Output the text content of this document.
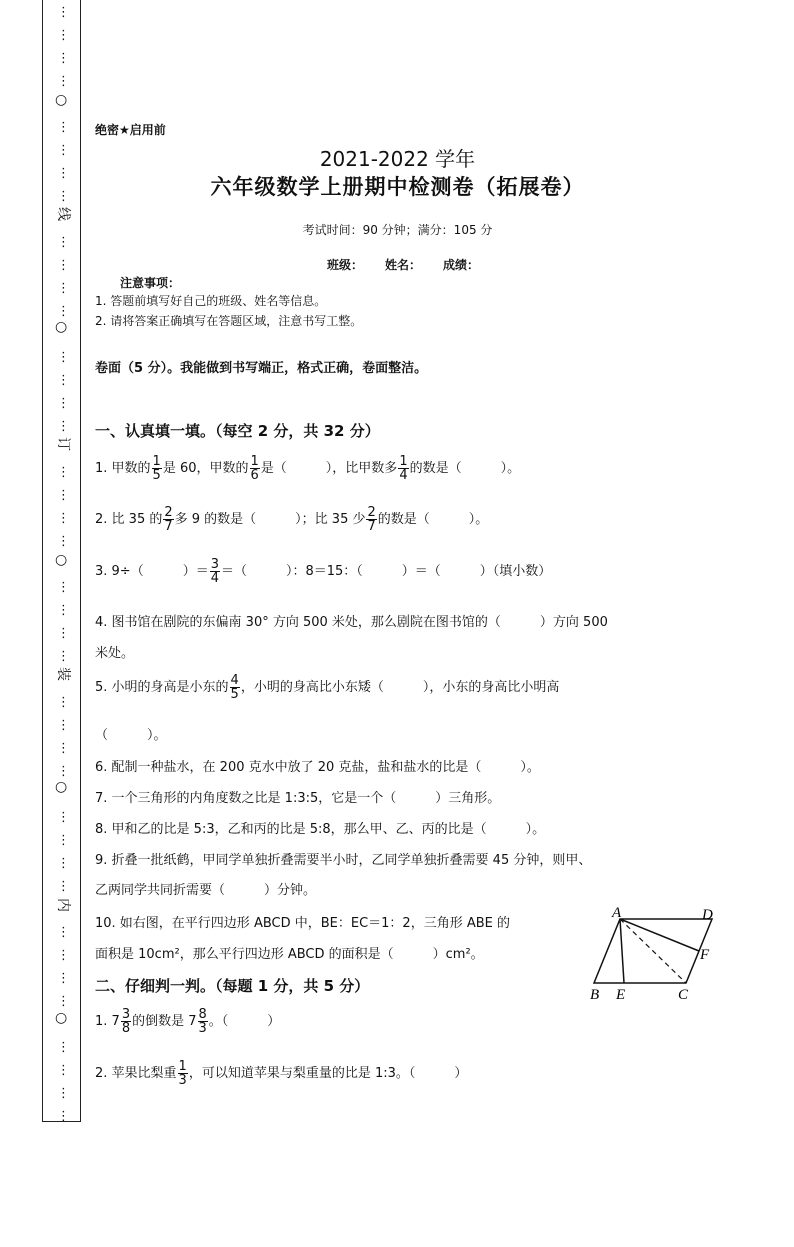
⋮
⋮
⋮
⋮
⋮
⋮
⋮
⋮
⋮
⋮
⋮
⋮
⋮
⋮
⋮
⋮
⋮
⋮
⋮
⋮
⋮
⋮
⋮
⋮
⋮
⋮
⋮
⋮
⋮
⋮
⋮
⋮
⋮
⋮
⋮
⋮
⋮
⋮
⋮
⋮
○
○
○
○
○
线
订
装
内
绝密★启用前
2021-2022 学年
六年级数学上册期中检测卷（拓展卷）
考试时间：90 分钟；满分：105 分
班级： 姓名： 成绩：
注意事项：
1. 答题前填写好自己的班级、姓名等信息。
2. 请将答案正确填写在答题区域，注意书写工整。
卷面（5 分）。我能做到书写端正，格式正确，卷面整洁。
一、认真填一填。（每空 2 分，共 32 分）
1. 甲数的 $\frac{1}{5}$ 是 60，甲数的 $\frac{1}{6}$ 是（　　　），比甲数多 $\frac{1}{4}$ 的数是（　　　）。
2. 比 35 的 $\frac{2}{7}$ 多 9 的数是（　　　）；比 35 少 $\frac{2}{7}$ 的数是（　　　）。
3. 9÷（　　　）＝ $\frac{3}{4}$ ＝（　　　）：8＝15：（　　　）＝（　　　）（填小数）
4. 图书馆在剧院的东偏南 30° 方向 500 米处，那么剧院在图书馆的（　　　）方向 500
米处。
5. 小明的身高是小东的 $\frac{4}{5}$ ，小明的身高比小东矮（　　　），小东的身高比小明高
（　　　）。
6. 配制一种盐水，在 200 克水中放了 20 克盐，盐和盐水的比是（　　　）。
7. 一个三角形的内角度数之比是 1:3:5，它是一个（　　　）三角形。
8. 甲和乙的比是 5:3，乙和丙的比是 5:8，那么甲、乙、丙的比是（　　　）。
9. 折叠一批纸鹤，甲同学单独折叠需要半小时，乙同学单独折叠需要 45 分钟，则甲、
乙两同学共同折需要（　　　）分钟。
10. 如右图，在平行四边形 ABCD 中，BE：EC＝1：2，三角形 ABE 的
面积是 10cm²，那么平行四边形 ABCD 的面积是（　　　）cm²。
二、仔细判一判。（每题 1 分，共 5 分）
1. $7 \frac{3}{8}$ 的倒数是 $7 \frac{8}{3}$ 。（　　　）
2. 苹果比梨重 $\frac{1}{3}$ ，可以知道苹果与梨重量的比是 1:3。（　　　）
A	D
F
B E	C
